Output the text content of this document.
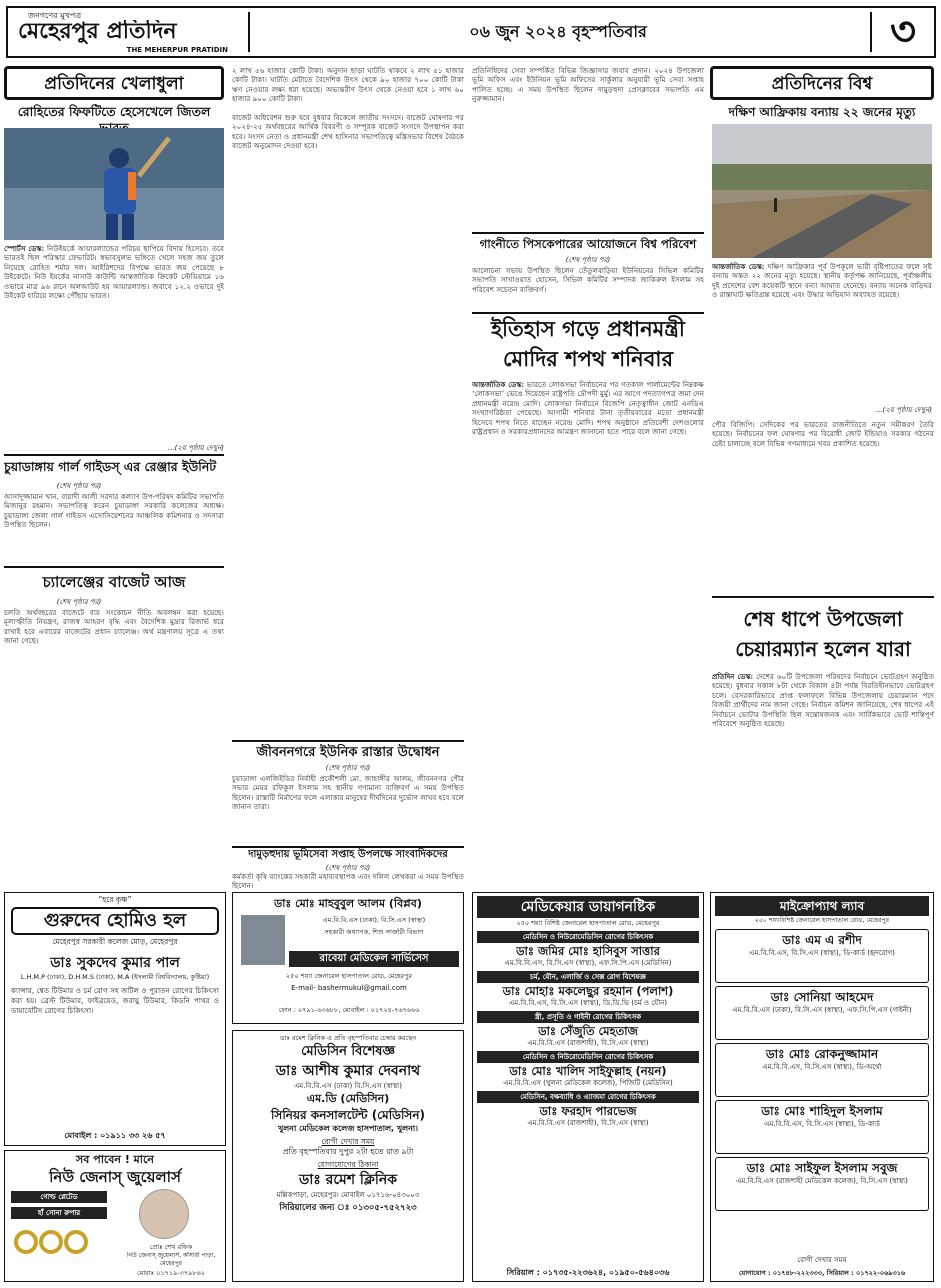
জনগণের মুখপত্র
মেহেরপুর প্রতিদিন
THE MEHERPUR PRATIDIN
০৬ জুন ২০২৪ বৃহস্পতিবার	৩
প্রতিদিনের খেলাধুলা
রোহিতের ফিফটিতে হেসেখেলে জিতল
স্পোর্টস ডেস্ক: নিউইয়র্কে আয়ারল্যান্ডের পরিচয় ছাপিয়ে বিদায় হিসেবে। তবে ভারতই ছিল পরিস্কার ফেভারিট। স্বভাবসুলভ ভঙ্গিতে খেলে সহজ জয় তুলে নিয়েছে রোহিত শর্মার দল। আইরিশদের বিপক্ষে ভারত জয় পেয়েছে ৮ উইকেটে। নিউ ইয়র্কের নাসাউ কাউন্টি আন্তর্জাতিক ক্রিকেট স্টেডিয়ামে ১৬ ওভারে মাত্র ৯৬ রানে অলআউট হয় আয়ারল্যান্ড। জবাবে ১২.২ ওভারে দুই উইকেট হারিয়ে লক্ষ্যে পৌঁছায় ভারত।
...(২য় পৃষ্ঠায় দেখুন)
চুয়াডাঙ্গায় গার্ল গাইডস্ এর রেঞ্জার ইউনিট
(শেষ পৃষ্ঠার পর)
আসাদুজ্জামান খান, বারাদী আলী সরদার কল্যাণ উপ-পরিষদ কমিটির সভাপতি মিজানুর রহমান। সভাপতিত্ব করেন চুয়াডাঙ্গা সরকারি কলেজের অধ্যক্ষ। চুয়াডাঙ্গা জেলা গার্ল গাইডস এসোসিয়েশনের আঞ্চলিক কমিশনার ও সদস্যরা উপস্থিত ছিলেন।
চ্যালেঞ্জের বাজেট আজ
(শেষ পৃষ্ঠার পর)
চলতি অর্থবছরের বাজেটে ব্যয় সংকোচন নীতি অবলম্বন করা হয়েছে। মূল্যস্ফীতি নিয়ন্ত্রণ, রাজস্ব আহরণ বৃদ্ধি এবং বৈদেশিক মুদ্রার রিজার্ভ ধরে রাখাই হবে এবারের বাজেটের প্রধান চ্যালেঞ্জ। অর্থ মন্ত্রণালয় সূত্রে এ তথ্য জানা গেছে।
২ লাখ ৫৬ হাজার কোটি টাকা। অনুদান ছাড়া ঘাটতি থাকবে ২ লাখ ৫১ হাজার কোটি টাকা। ঘাটতি মেটাতে বৈদেশিক উৎস থেকে ৯০ হাজার ৭০০ কোটি টাকা ঋণ নেওয়ার লক্ষ্য ধরা হয়েছে। অভ্যন্তরীণ উৎস থেকে নেওয়া হবে ১ লাখ ৬০ হাজার ৯০০ কোটি টাকা।

বাজেট অধিবেশন শুরু হবে বুধবার বিকেলে জাতীয় সংসদে। বাজেট ঘোষণার পর ২০২৪-২৫ অর্থবছরের আর্থিক বিবরণী ও সম্পূরক বাজেট সংসদে উপস্থাপন করা হবে। সংসদ নেতা ও প্রধানমন্ত্রী শেখ হাসিনার সভাপতিত্বে মন্ত্রিসভার বিশেষ বৈঠকে বাজেট অনুমোদন দেওয়া হবে।
জীবননগরে ইউনিক রাস্তার উদ্বোধন
(শেষ পৃষ্ঠার পর)
চুয়াডাঙ্গা এলজিইডির নির্বাহী প্রকৌশলী মো. জাহাঙ্গীর আলম, জীবননগর পৌর সভার মেয়র রফিকুল ইসলাম সহ স্থানীয় গণ্যমান্য ব্যক্তিবর্গ এ সময় উপস্থিত ছিলেন। রাস্তাটি নির্মাণের ফলে এলাকার মানুষের দীর্ঘদিনের দুর্ভোগ লাঘব হবে বলে জানান তারা।
দামুড়হুদায় ভূমিসেবা সপ্তাহ উপলক্ষে সাংবাদিকদের
(শেষ পৃষ্ঠার পর)
কর্মকর্তা কৃষি ব্যাংকের সহকারী মহাব্যবস্থাপক এবং দলিল লেখকরা এ সময় উপস্থিত ছিলেন।
প্রতিনিধিদের সেবা সম্পর্কিত বিভিন্ন জিজ্ঞাসার জবাব প্রদান। ২০২৪ উপজেলা ভূমি অফিস এবং ইউনিয়ন ভূমি অফিসের সার্কুলার অনুযায়ী ভূমি সেবা সপ্তাহ পালিত হচ্ছে। এ সময় উপস্থিত ছিলেন দামুড়হুদা প্রেসক্লাবের সভাপতি এম নুরুজ্জামান।
গাংনীতে পিসকেপারের আয়োজনে বিশ্ব পরিবেশ
(শেষ পৃষ্ঠার পর)
আলোচনা সভায় উপস্থিত ছিলেন তেঁতুলবাড়িয়া ইউনিয়নের সিভিল কমিটির সভাপতি সাখাওয়াত হোসেন, সিভিল কমিটির সম্পাদক জাকিরুল ইসলাম সহ পরিবেশ সচেতন ব্যক্তিবর্গ।
ইতিহাস গড়ে প্রধানমন্ত্রী মোদির শপথ শনিবার
আন্তর্জাতিক ডেস্ক: ভারতে লোকসভা নির্বাচনের পর গতকাল পার্লামেন্টের নিম্নকক্ষ ‘লোকসভা’ ভেঙে দিয়েছেন রাষ্ট্রপতি দ্রৌপদী মুর্মু। এর আগে পদত্যাগপত্র জমা দেন প্রধানমন্ত্রী নরেন্দ্র মোদি। লোকসভা নির্বাচনে বিজেপি নেতৃত্বাধীন জোট এনডিএ সংখ্যাগরিষ্ঠতা পেয়েছে। আগামী শনিবার টানা তৃতীয়বারের মতো প্রধানমন্ত্রী হিসেবে শপথ নিতে যাচ্ছেন নরেন্দ্র মোদি। শপথ অনুষ্ঠানে প্রতিবেশী দেশগুলোর রাষ্ট্রপ্রধান ও সরকারপ্রধানদের আমন্ত্রণ জানানো হতে পারে বলে জানা গেছে।
প্রতিদিনের বিশ্ব
দক্ষিণ আফ্রিকায় বন্যায় ২২ জনের মৃত্যু
আন্তর্জাতিক ডেস্ক: দক্ষিণ আফ্রিকার পূর্ব উপকূলে ভারী বৃষ্টিপাতের ফলে সৃষ্ট বন্যায় অন্তত ২২ জনের মৃত্যু হয়েছে। স্থানীয় কর্তৃপক্ষ জানিয়েছে, পূর্বাঞ্চলীয় দুই প্রদেশের বেশ কয়েকটি স্থানে বন্যা আঘাত হেনেছে। বন্যায় অনেক বাড়িঘর ও রাস্তাঘাট ক্ষতিগ্রস্ত হয়েছে এবং উদ্ধার অভিযান অব্যাহত রয়েছে।
...(২য় পৃষ্ঠায় দেখুন)
পৌর বিজিপি। সেদিকের পর ভারতের রাজনীতিতে নতুন সমীকরণ তৈরি হয়েছে। নির্বাচনের ফল ঘোষণার পর বিরোধী জোট ইন্ডিয়াও সরকার গঠনের চেষ্টা চালাচ্ছে বলে বিভিন্ন গণমাধ্যমে খবর প্রকাশিত হয়েছে।
শেষ ধাপে উপজেলা চেয়ারম্যান হলেন যারা
প্রতিদিন ডেস্ক: দেশের ৬০টি উপজেলা পরিষদের নির্বাচনে ভোটগ্রহণ অনুষ্ঠিত হয়েছে। বুধবার সকাল ৮টা থেকে বিকাল ৪টা পর্যন্ত বিরতিহীনভাবে ভোটগ্রহণ চলে। বেসরকারিভাবে প্রাপ্ত ফলাফলে বিভিন্ন উপজেলায় চেয়ারম্যান পদে বিজয়ী প্রার্থীদের নাম জানা গেছে। নির্বাচন কমিশন জানিয়েছে, শেষ ধাপের এই নির্বাচনে ভোটার উপস্থিতি ছিল সন্তোষজনক এবং সার্বিকভাবে ভোট শান্তিপূর্ণ পরিবেশে অনুষ্ঠিত হয়েছে।
“হরে কৃষ্ণ”
গুরুদেব হোমিও হল
মেহেরপুর সরকারী কলেজ মোড়, মেহেরপুর
ডাঃ সুকদেব কুমার পাল
L.H.M.P (ঢাকা), D.H.M.S (ঢাকা), M.A (ইসলামী বিশ্ববিদ্যালয়, কুষ্টিয়া)
ক্যান্সার, শ্বেত টিউমার ও চর্ম রোগ সহ জটিল ও পুরাতন রোগের চিকিৎসা করা হয়। ব্রেস্ট টিউমার, ফাইব্রয়েড, জরায়ু টিউমার, কিডনি পাথর ও ডায়াবেটিস রোগের চিকিৎসা।
মোবাইল : ০১৯১১ ৩৩ ২৬ ৫৭
সব পাবেন ! মানে
নিউ জেনাস্ জুয়েলার্স
গোল্ড প্লেটেড
হাঁ সোনা রুপার
প্রোঃ শেখ রফিক
নিউ জেনাস্ জুয়েলার্স, কাঁসারী পাড়া, মেহেরপুর
মোবাঃ ০১৭১৯-৩৭৯৮৬২
ডাঃ মোঃ মাহবুবুল আলম (বিপ্লব)
এম.বি.বি.এস (ঢাকা), বি.সি.এস (স্বাস্থ্য)
সহকারী অধ্যাপক, শিশু সার্জারী বিভাগ
রাবেয়া মেডিকেল সার্ভিসেস
২৫০ শয্যা জেনারেল হাসপাতাল রোড, মেহেরপুর
E-mail- bashermukul@gmail.com
ফোন : ০৭৯১-৬৩৬৮৮, মোবাইল : ০১৭২৪-৭৬৭৬৬৬
ডাঃ রমেশ ক্লিনিক এ প্রতি বৃহস্পতিবার চেম্বার করছেন
মেডিসিন বিশেষজ্ঞ
ডাঃ আশীষ কুমার দেবনাথ
এম.বি.বি.এস (ঢাকা) বি.সি.এস (স্বাস্থ্য)
এম.ডি (মেডিসিন)
সিনিয়র কনসালটেন্ট (মেডিসিন)
খুলনা মেডিকেল কলেজ হাসপাতাল, খুলনা।
রোগী দেখার সময়
প্রতি বৃহস্পতিবার দুপুর ২টা হতে রাত ৯টা
যোগাযোগের ঠিকানা
ডাঃ রমেশ ক্লিনিক
মল্লিকপাড়া, মেহেরপুর। মোবাইল ০১৭১৬-০৪৩০০৩
সিরিয়ালের জন্য ঃ ০১৩০৫-৭৫২৭২৩
মেডিকেয়ার ডায়াগনষ্টিক
২৫০ শয্যা বিশিষ্ট জেনারেল হাসপাতাল রোড, মেহেরপুর
মেডিসিন ও নিউরোমেডিসিন রোগের চিকিৎসক
ডাঃ জমির মোঃ হাসিবুস সাত্তার
এম.বি.বি.এস, বি.সি.এস (স্বাস্থ্য), এফ.সি.পি.এস (মেডিসিন)
চর্ম, যৌন, এলার্জি ও সেক্স রোগ বিশেষজ্ঞ
ডাঃ মোহাঃ মকলেছুর রহমান (পলাশ)
এম.বি.বি.এস, বি.সি.এস (স্বাস্থ্য), ডি.ডি.ভি (চর্ম ও যৌন)
স্ত্রী, প্রসূতি ও গাইনী রোগের চিকিৎসক
ডাঃ সেঁজুতি মেহতাজ
এম.বি.বি.এস (রাজশাহী), বি.সি.এস (স্বাস্থ্য)
মেডিসিন ও নিউরোমেডিসিন রোগের চিকিৎসক
ডাঃ মোঃ খালিদ সাইফুল্লাহ (নয়ন)
এম.বি.বি.এস (খুলনা মেডিকেল কলেজ), পিজিটি (মেডিসিন)
মেডিসিন, বক্ষব্যাধি ও এ্যাজমা রোগের চিকিৎসক
ডাঃ ফরহাদ পারভেজ
এম.বি.বি.এস (রাজশাহী), বি.সি.এস (স্বাস্থ্য)
সিরিয়াল : ০১৭৩৫-২২৩৬২৪, ০১৯৫০-৫৬৪০৩৬
মাইক্রোপ্যাথ ল্যাব
২৫০ শয্যাবিশিষ্ট জেনারেল হাসপাতাল রোড, মেহেরপুর
ডাঃ এম এ রশীদ
এম.বি.বি.এস, বি.সি.এস (স্বাস্থ্য), ডি-কার্ড (হৃদরোগ)
ডাঃ সোনিয়া আহমেদ
এম.বি.বি.এস (ঢাকা), বি.সি.এস (স্বাস্থ্য), এফ.সি.পি.এস (গাইনী)
ডাঃ মোঃ রোকনুজ্জামান
এম.বি.বি.এস, বি.সি.এস (স্বাস্থ্য), ডি-অর্থো
ডাঃ মোঃ শাহিদুল ইসলাম
এম.বি.বি.এস, বি.সি.এস (স্বাস্থ্য), ডি-কার্ড
ডাঃ মোঃ সাইফুল ইসলাম সবুজ
এম.বি.বি.এস (রাজশাহী মেডিকেল কলেজ), বি.সি.এস (স্বাস্থ্য)
রোগী দেখার সময়
যোগাযোগ : ০১৭৪৮-২২২৩৩৩, সিরিয়াল : ০১৭২২-০৬৯৩১৬
